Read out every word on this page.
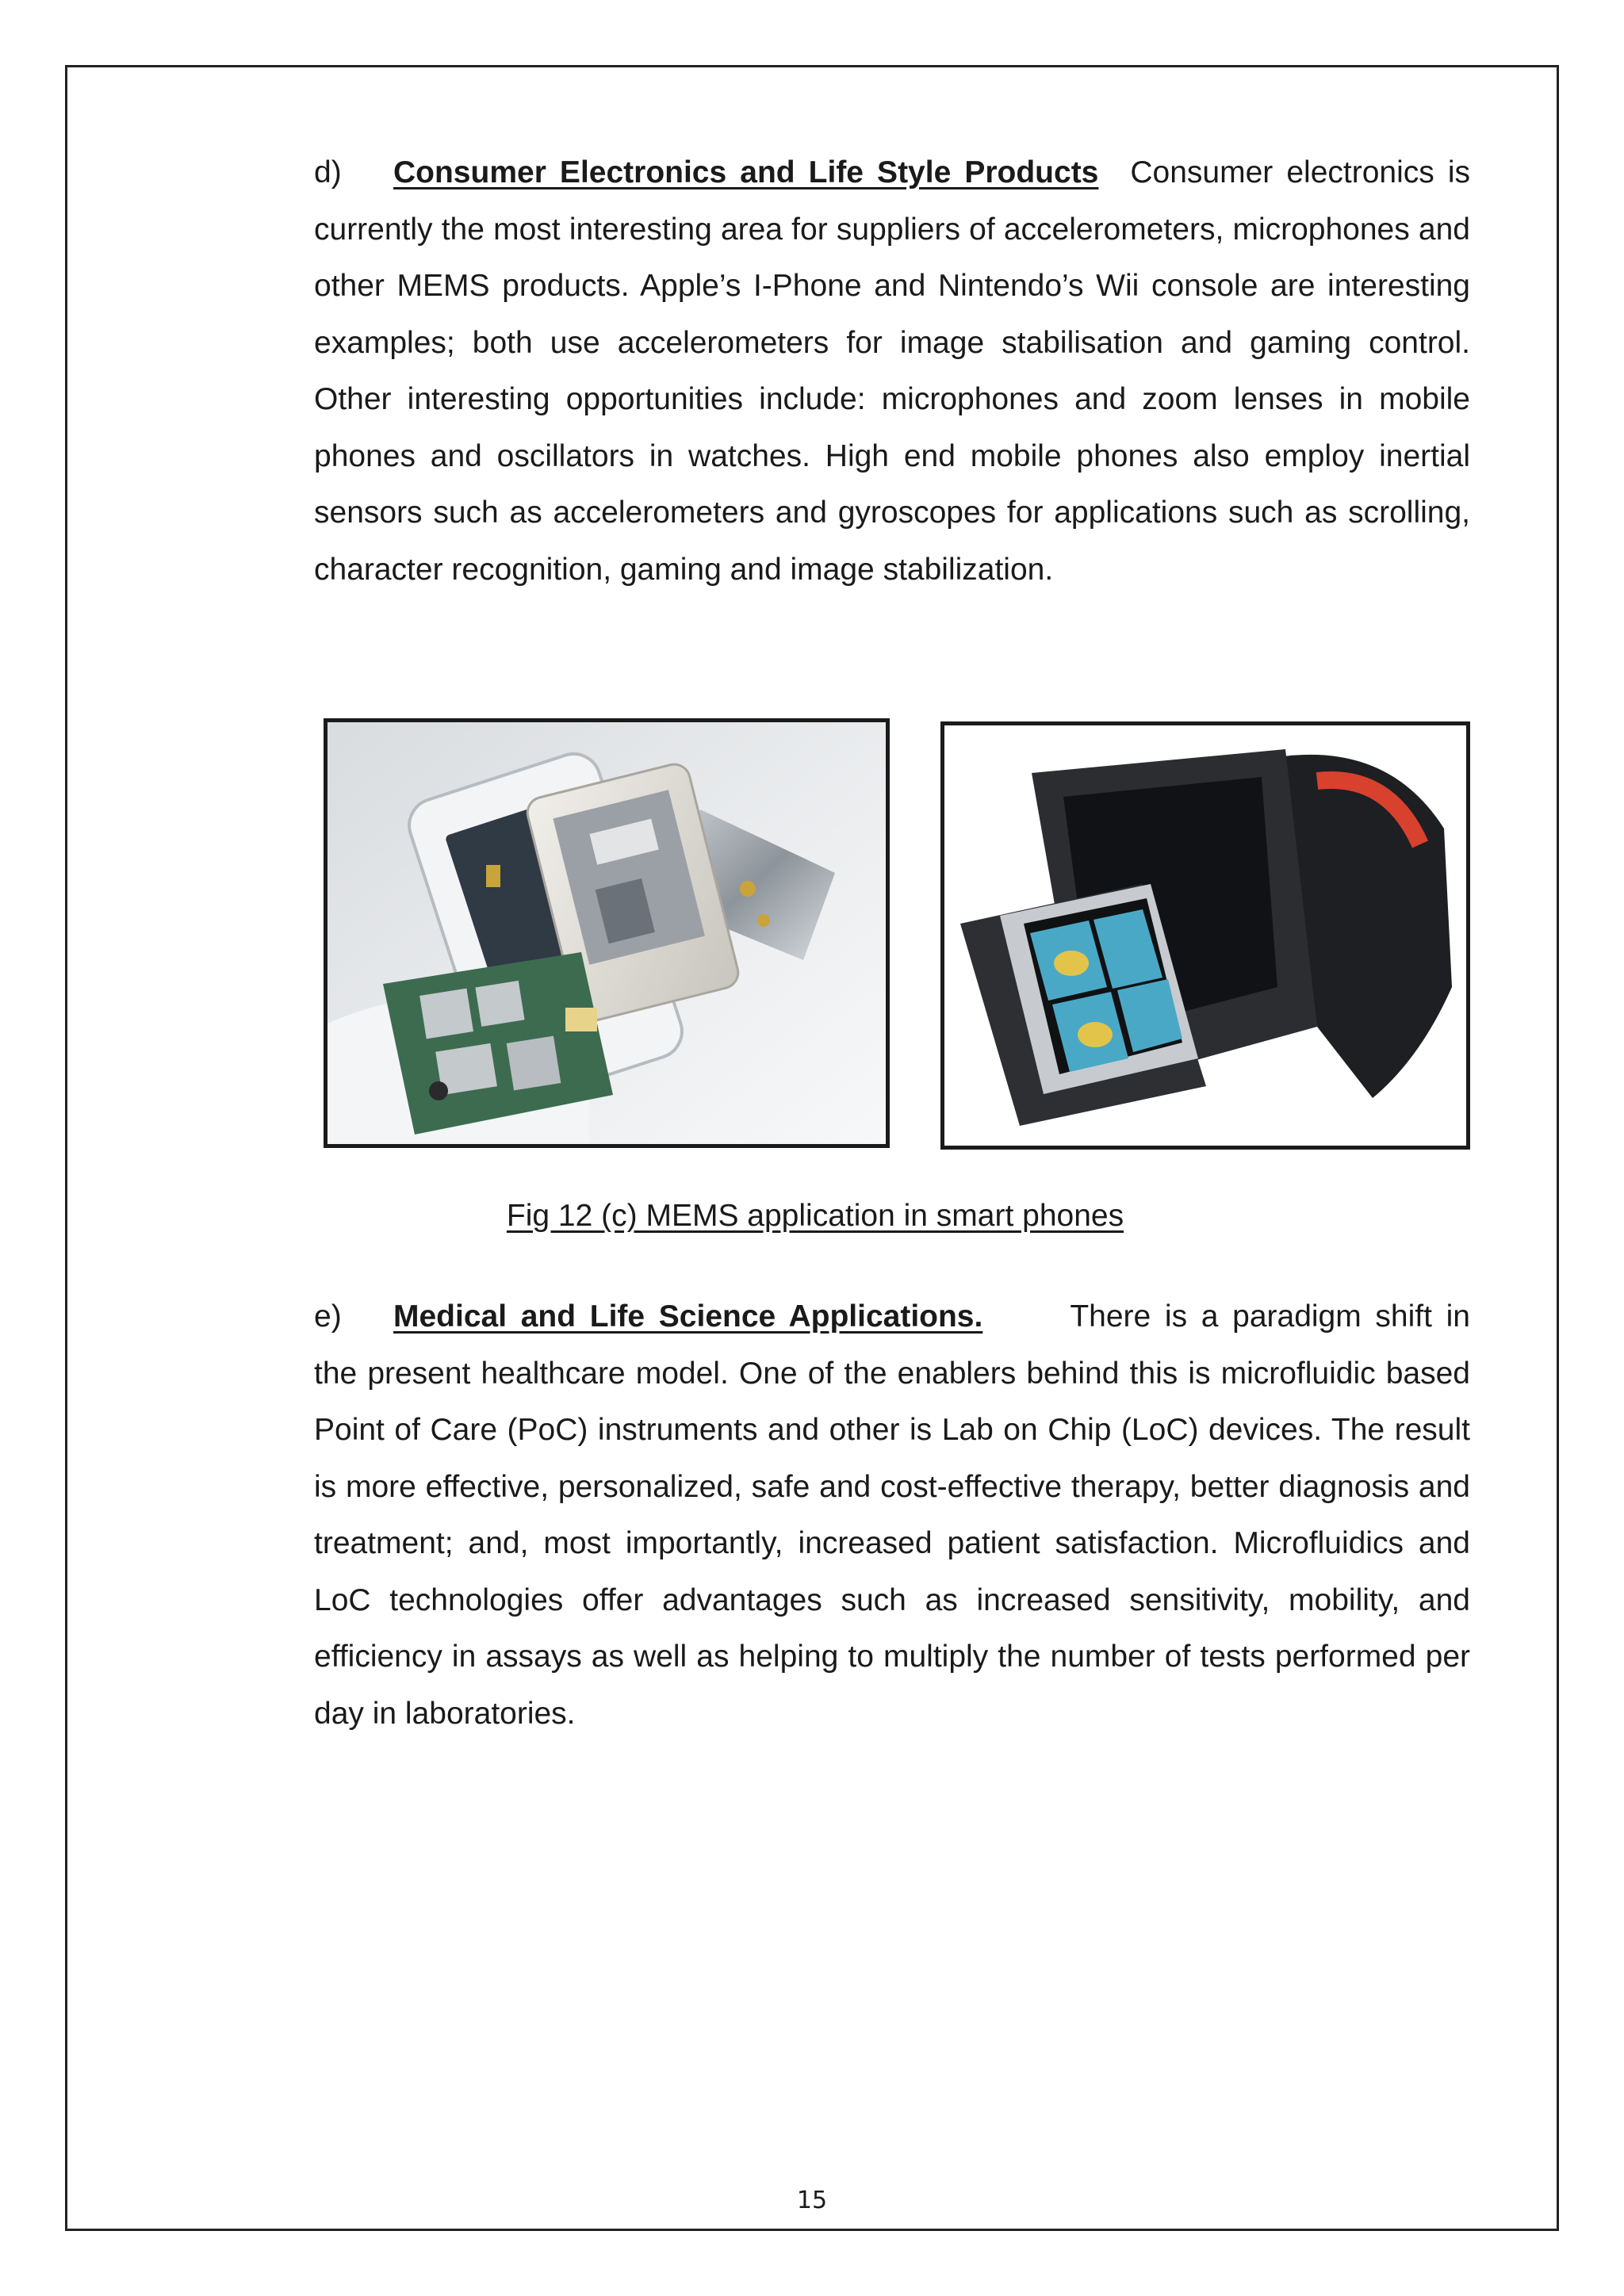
d) Consumer Electronics and Life Style Products Consumer electronics is currently the most interesting area for suppliers of accelerometers, microphones and other MEMS products. Apple’s I-Phone and Nintendo’s Wii console are interesting examples; both use accelerometers for image stabilisation and gaming control. Other interesting opportunities include: microphones and zoom lenses in mobile phones and oscillators in watches. High end mobile phones also employ inertial sensors such as accelerometers and gyroscopes for applications such as scrolling, character recognition, gaming and image stabilization.

Fig 12 (c) MEMS application in smart phones

e) Medical and Life Science Applications.	There is a paradigm shift in the present healthcare model. One of the enablers behind this is microfluidic based Point of Care (PoC) instruments and other is Lab on Chip (LoC) devices. The result is more effective, personalized, safe and cost-effective therapy, better diagnosis and treatment; and, most importantly, increased patient satisfaction. Microfluidics and LoC technologies offer advantages such as increased sensitivity, mobility, and efficiency in assays as well as helping to multiply the number of tests performed per day in laboratories.

15
